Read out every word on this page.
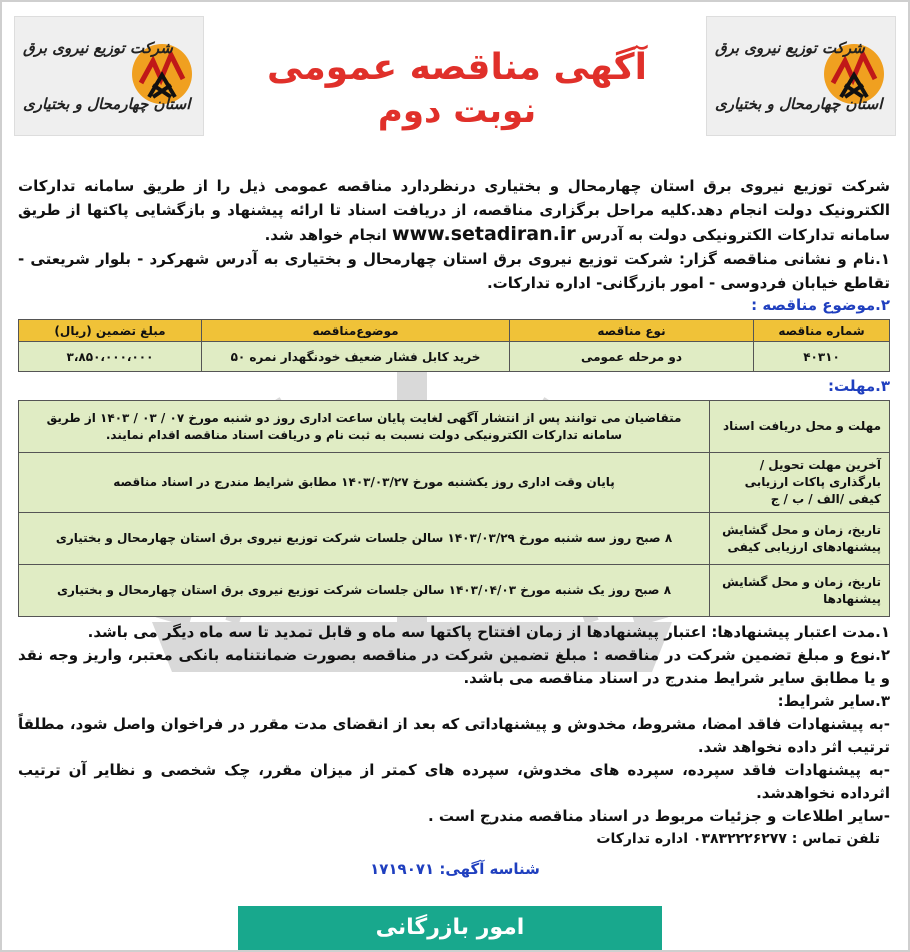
شرکت توزیع نیروی برق
استان چهارمحال و بختیاری
شرکت توزیع نیروی برق
استان چهارمحال و بختیاری
آگهی مناقصه عمومی
نوبت دوم
شرکت توزیع نیروی برق استان چهارمحال و بختیاری درنظردارد مناقصه عمومی ذیل را از طریق سامانه تدارکات الکترونیک دولت انجام دهد.کلیه مراحل برگزاری مناقصه، از دریافت اسناد تا ارائه پیشنهاد و بازگشایی پاکتها از طریق سامانه تدارکات الکترونیکی دولت به آدرس www.setadiran.ir انجام خواهد شد.
۱.نام و نشانی مناقصه گزار: شرکت توزیع نیروی برق استان چهارمحال و بختیاری به آدرس شهرکرد - بلوار شریعتی - تقاطع خیابان فردوسی - امور بازرگانی- اداره تدارکات.
۲.موضوع مناقصه :
شماره مناقصه	نوع مناقصه	موضوع‌مناقصه	مبلغ تضمین (ریال)
۴۰۳۱۰	دو مرحله عمومی	خرید کابل فشار ضعیف خودنگهدار نمره ۵۰	۳،۸۵۰،۰۰۰،۰۰۰
۳.مهلت:
مهلت و محل دریافت اسناد	متقاضیان می توانند پس از انتشار آگهی لغایت پایان ساعت اداری روز دو شنبه مورخ ۰۷ / ۰۳ / ۱۴۰۳ از طریق سامانه تدارکات الکترونیکی دولت نسبت به ثبت نام و دریافت اسناد مناقصه اقدام نمایند.
آخرین مهلت تحویل / بارگذاری پاکات ارزیابی کیفی /الف / ب / ج	پایان وقت اداری روز یکشنبه مورخ ۱۴۰۳/۰۳/۲۷ مطابق شرایط مندرج در اسناد مناقصه
تاریخ، زمان و محل گشایش پیشنهادهای ارزیابی کیفی	۸ صبح روز سه شنبه مورخ ۱۴۰۳/۰۳/۲۹ سالن جلسات شرکت توزیع نیروی برق استان چهارمحال و بختیاری
تاریخ، زمان و محل گشایش پیشنهادها	۸ صبح روز یک شنبه مورخ ۱۴۰۳/۰۴/۰۳ سالن جلسات شرکت توزیع نیروی برق استان چهارمحال و بختیاری
۱.مدت اعتبار پیشنهادها: اعتبار پیشنهادها از زمان افتتاح پاکتها سه ماه و قابل تمدید تا سه ماه دیگر می باشد.
۲.نوع و مبلغ تضمین شرکت در مناقصه : مبلغ تضمین شرکت در مناقصه بصورت ضمانتنامه بانکی معتبر، واریز وجه نقد و یا مطابق سایر شرایط مندرج در اسناد مناقصه می باشد.
۳.سایر شرایط:
-به پیشنهادات فاقد امضا، مشروط، مخدوش و پیشنهاداتی که بعد از انقضای مدت مقرر در فراخوان واصل شود، مطلقاً ترتیب اثر داده نخواهد شد.
-به پیشنهادات فاقد سپرده، سپرده های مخدوش، سپرده های کمتر از میزان مقرر، چک شخصی و نظایر آن ترتیب اثرداده نخواهدشد.
-سایر اطلاعات و جزئیات مربوط در اسناد مناقصه مندرج است .
تلفن تماس : ۰۳۸۳۲۲۲۶۲۷۷ اداره تدارکات
شناسه آگهی: ۱۷۱۹۰۷۱
امور بازرگانی
